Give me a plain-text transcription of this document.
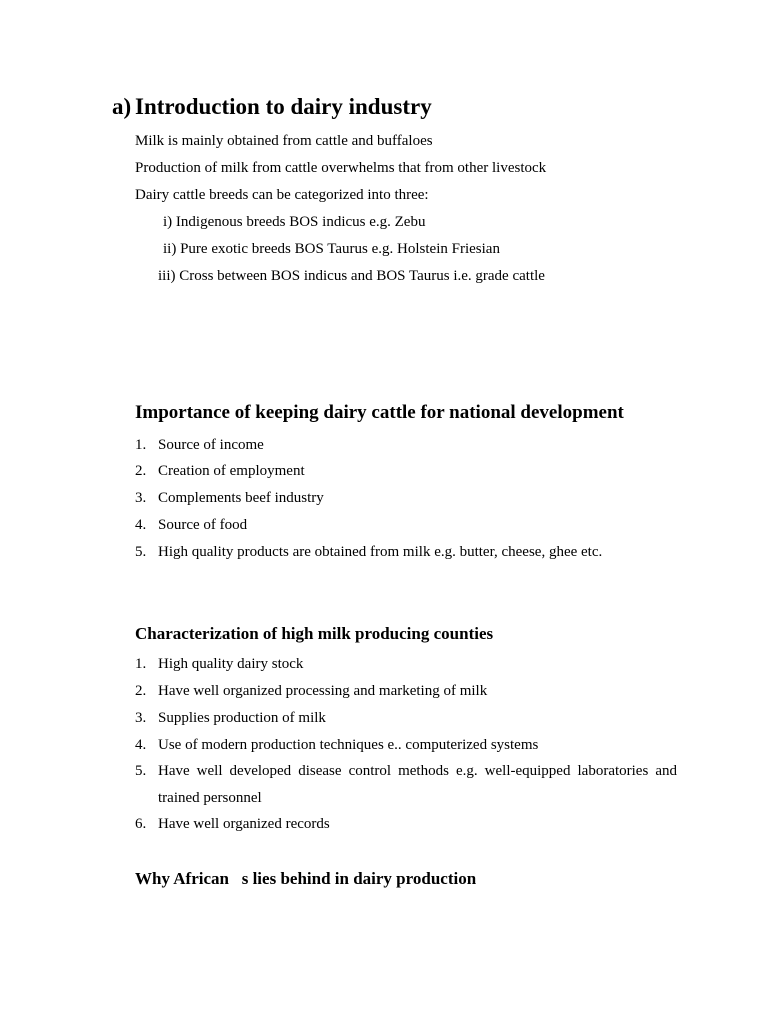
a) Introduction to dairy industry
Milk is mainly obtained from cattle and buffaloes
Production of milk from cattle overwhelms that from other livestock
Dairy cattle breeds can be categorized into three:
i) Indigenous breeds BOS indicus e.g. Zebu
ii) Pure exotic breeds BOS Taurus e.g. Holstein Friesian
iii) Cross between BOS indicus and BOS Taurus i.e. grade cattle
Importance of keeping dairy cattle for national development
1. Source of income
2. Creation of employment
3. Complements beef industry
4. Source of food
5. High quality products are obtained from milk e.g. butter, cheese, ghee etc.
Characterization of high milk producing counties
1. High quality dairy stock
2. Have well organized processing and marketing of milk
3. Supplies production of milk
4. Use of modern production techniques e.. computerized systems
5. Have well developed disease control methods e.g. well-equipped laboratories and
trained personnel
6. Have well organized records
Why African   s lies behind in dairy production
